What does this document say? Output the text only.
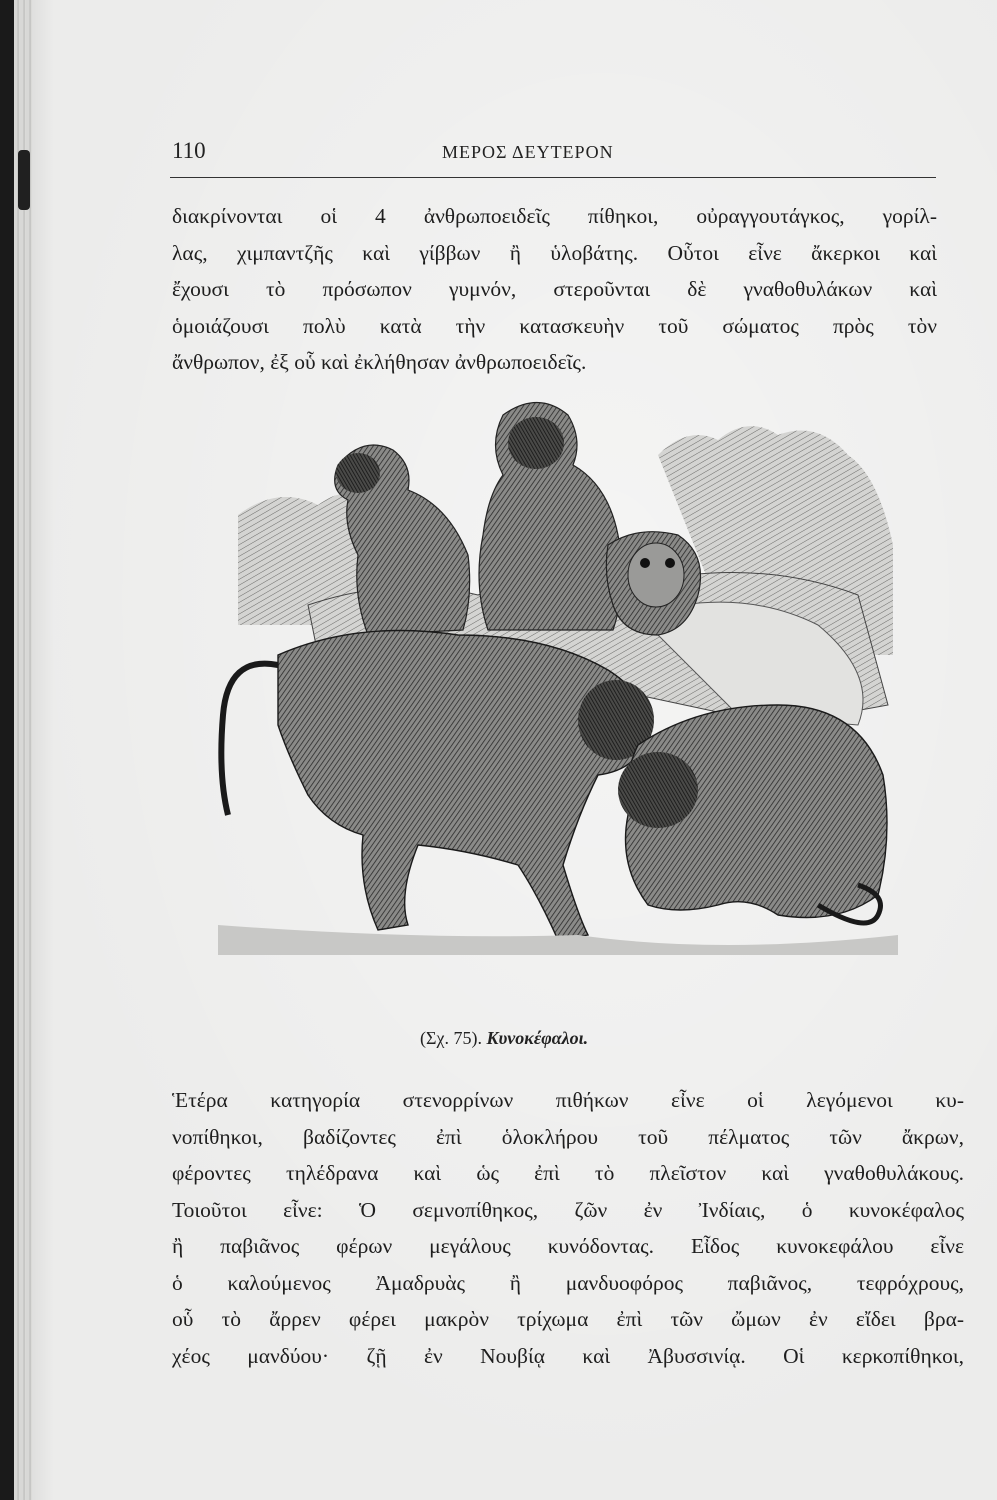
110	ΜΕΡΟΣ ΔΕΥΤΕΡΟΝ
διακρίνονται οἱ 4 ἀνθρωποειδεῖς πίθηκοι, οὐραγγουτάγκος, γορίλ-
λας, χιμπαντζῆς καὶ γίββων ἢ ὑλοβάτης. Οὗτοι εἶνε ἄκερκοι καὶ
ἔχουσι τὸ πρόσωπον γυμνόν, στεροῦνται δὲ γναθοθυλάκων καὶ
ὁμοιάζουσι πολὺ κατὰ τὴν κατασκευὴν τοῦ σώματος πρὸς τὸν
ἄνθρωπον, ἐξ οὗ καὶ ἐκλήθησαν ἀνθρωποειδεῖς.
(Σχ. 75). Κυνοκέφαλοι.
Ἑτέρα κατηγορία στενορρίνων πιθήκων εἶνε οἱ λεγόμενοι κυ-
νοπίθηκοι, βαδίζοντες ἐπὶ ὁλοκλήρου τοῦ πέλματος τῶν ἄκρων,
φέροντες τηλέδρανα καὶ ὡς ἐπὶ τὸ πλεῖστον καὶ γναθοθυλάκους.
Τοιοῦτοι εἶνε: Ὁ σεμνοπίθηκος, ζῶν ἐν Ἰνδίαις, ὁ κυνοκέφαλος
ἢ παβιᾶνος φέρων μεγάλους κυνόδοντας. Εἶδος κυνοκεφάλου εἶνε
ὁ καλούμενος Ἀμαδρυὰς ἢ μανδυοφόρος παβιᾶνος, τεφρόχρους,
οὗ τὸ ἄρρεν φέρει μακρὸν τρίχωμα ἐπὶ τῶν ὤμων ἐν εἴδει βρα-
χέος μανδύου· ζῇ ἐν Νουβίᾳ καὶ Ἀβυσσινίᾳ. Οἱ κερκοπίθηκοι,
